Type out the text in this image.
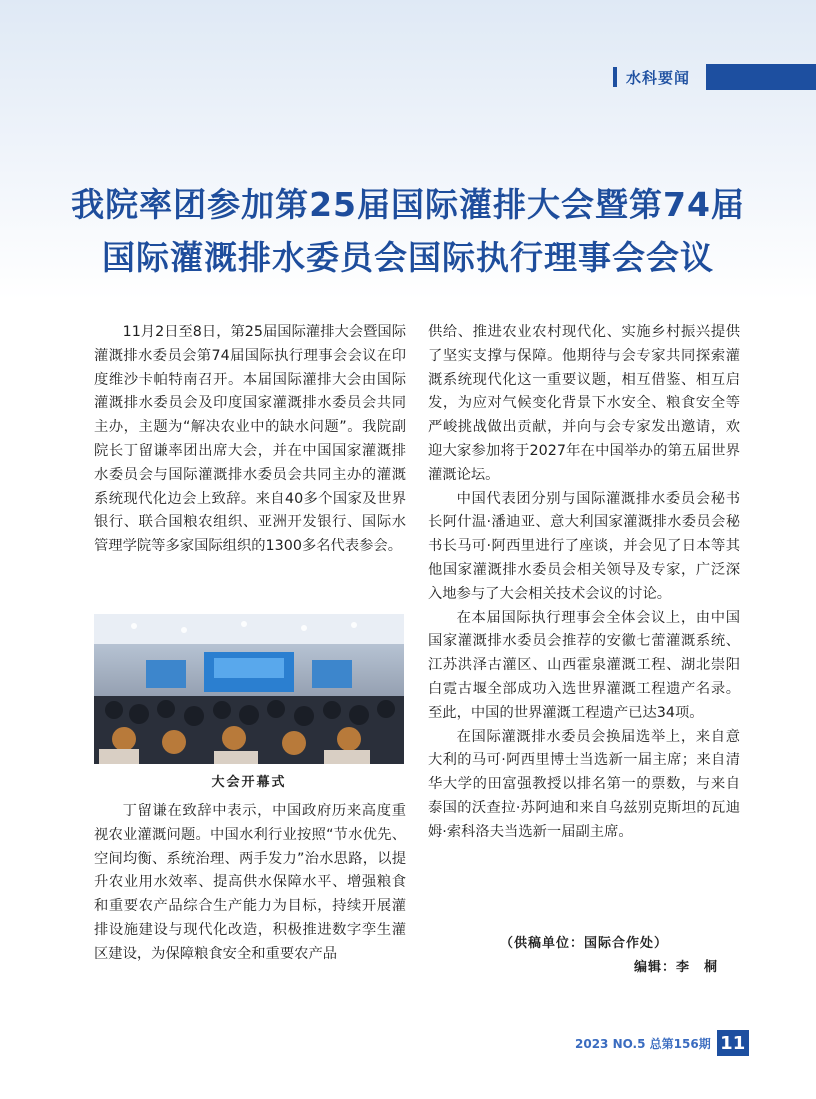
水科要闻
我院率团参加第25届国际灌排大会暨第74届
国际灌溉排水委员会国际执行理事会会议

11月2日至8日，第25届国际灌排大会暨国际灌溉排水委员会第74届国际执行理事会会议在印度维沙卡帕特南召开。本届国际灌排大会由国际灌溉排水委员会及印度国家灌溉排水委员会共同主办，主题为“解决农业中的缺水问题”。我院副院长丁留谦率团出席大会，并在中国国家灌溉排水委员会与国际灌溉排水委员会共同主办的灌溉系统现代化边会上致辞。来自40多个国家及世界银行、联合国粮农组织、亚洲开发银行、国际水管理学院等多家国际组织的1300多名代表参会。

大会开幕式

丁留谦在致辞中表示，中国政府历来高度重视农业灌溉问题。中国水利行业按照“节水优先、空间均衡、系统治理、两手发力”治水思路，以提升农业用水效率、提高供水保障水平、增强粮食和重要农产品综合生产能力为目标，持续开展灌排设施建设与现代化改造，积极推进数字孪生灌区建设，为保障粮食安全和重要农产品

供给、推进农业农村现代化、实施乡村振兴提供了坚实支撑与保障。他期待与会专家共同探索灌溉系统现代化这一重要议题，相互借鉴、相互启发，为应对气候变化背景下水安全、粮食安全等严峻挑战做出贡献，并向与会专家发出邀请，欢迎大家参加将于2027年在中国举办的第五届世界灌溉论坛。

中国代表团分别与国际灌溉排水委员会秘书长阿什温·潘迪亚、意大利国家灌溉排水委员会秘书长马可·阿西里进行了座谈，并会见了日本等其他国家灌溉排水委员会相关领导及专家，广泛深入地参与了大会相关技术会议的讨论。

在本届国际执行理事会全体会议上，由中国国家灌溉排水委员会推荐的安徽七蕾灌溉系统、江苏洪泽古灌区、山西霍泉灌溉工程、湖北崇阳白霓古堰全部成功入选世界灌溉工程遗产名录。至此，中国的世界灌溉工程遗产已达34项。

在国际灌溉排水委员会换届选举上，来自意大利的马可·阿西里博士当选新一届主席；来自清华大学的田富强教授以排名第一的票数，与来自泰国的沃查拉·苏阿迪和来自乌兹别克斯坦的瓦迪姆·索科洛夫当选新一届副主席。

（供稿单位：国际合作处）
编辑：李　桐
2023 NO.5 总第156期 11
